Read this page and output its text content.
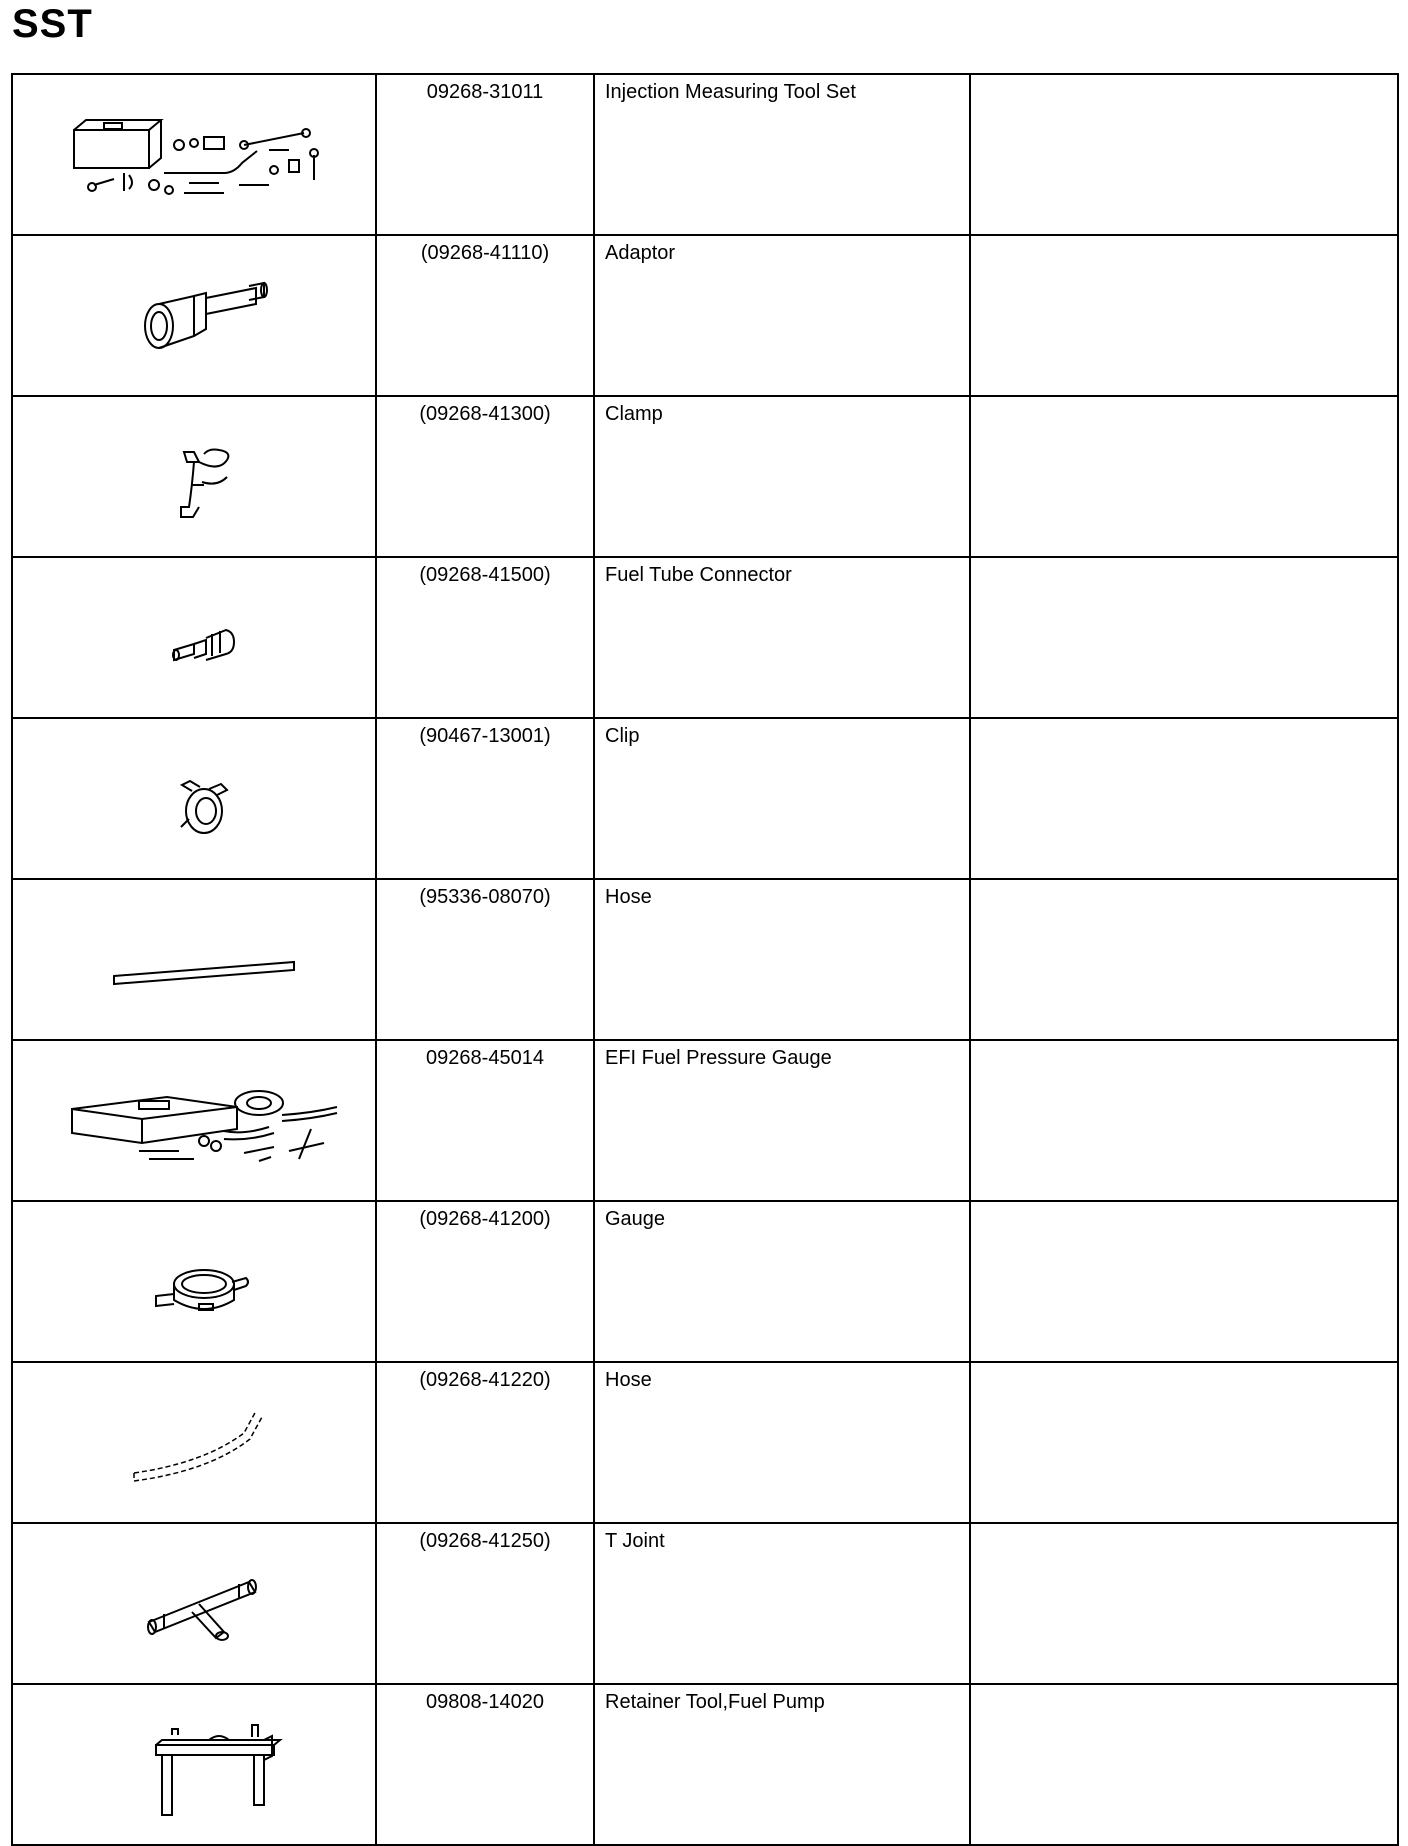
SST
	09268-31011	Injection Measuring Tool Set	

	(09268-41110)	Adaptor	

	(09268-41300)	Clamp	

	(09268-41500)	Fuel Tube Connector	

	(90467-13001)	Clip	

	(95336-08070)	Hose	

	09268-45014	EFI Fuel Pressure Gauge	

	(09268-41200)	Gauge	

	(09268-41220)	Hose	

	(09268-41250)	T Joint	

	09808-14020	Retainer Tool,Fuel Pump	
